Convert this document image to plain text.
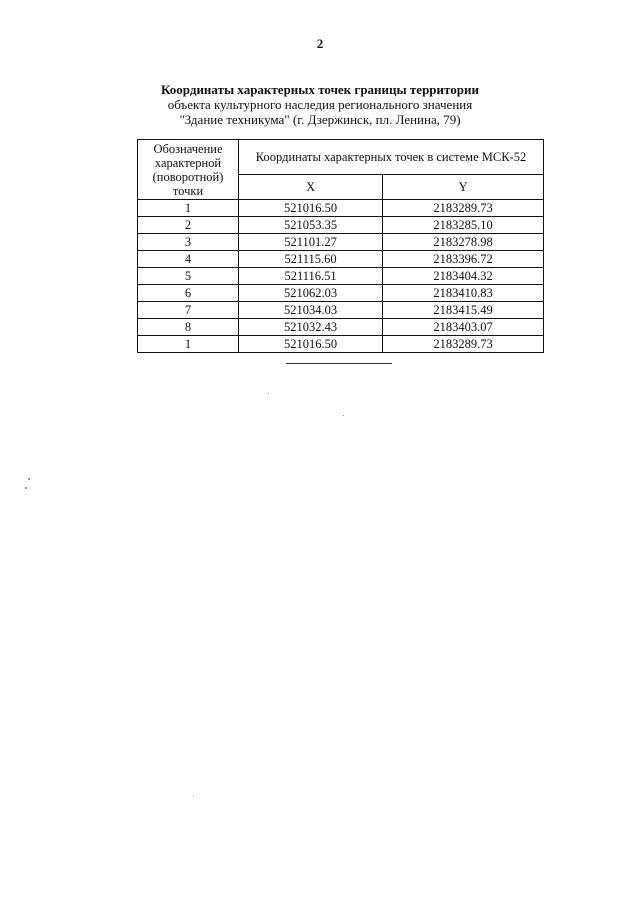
2
Координаты характерных точек границы территории
объекта культурного наследия регионального значения
"Здание техникума" (г. Дзержинск, пл. Ленина, 79)
Обозначение характерной (поворотной) точки	Координаты характерных точек в системе МСК-52	
	X	Y
1	521016.50	2183289.73
2	521053.35	2183285.10
3	521101.27	2183278.98
4	521115.60	2183396.72
5	521116.51	2183404.32
6	521062.03	2183410.83
7	521034.03	2183415.49
8	521032.43	2183403.07
1	521016.50	2183289.73
